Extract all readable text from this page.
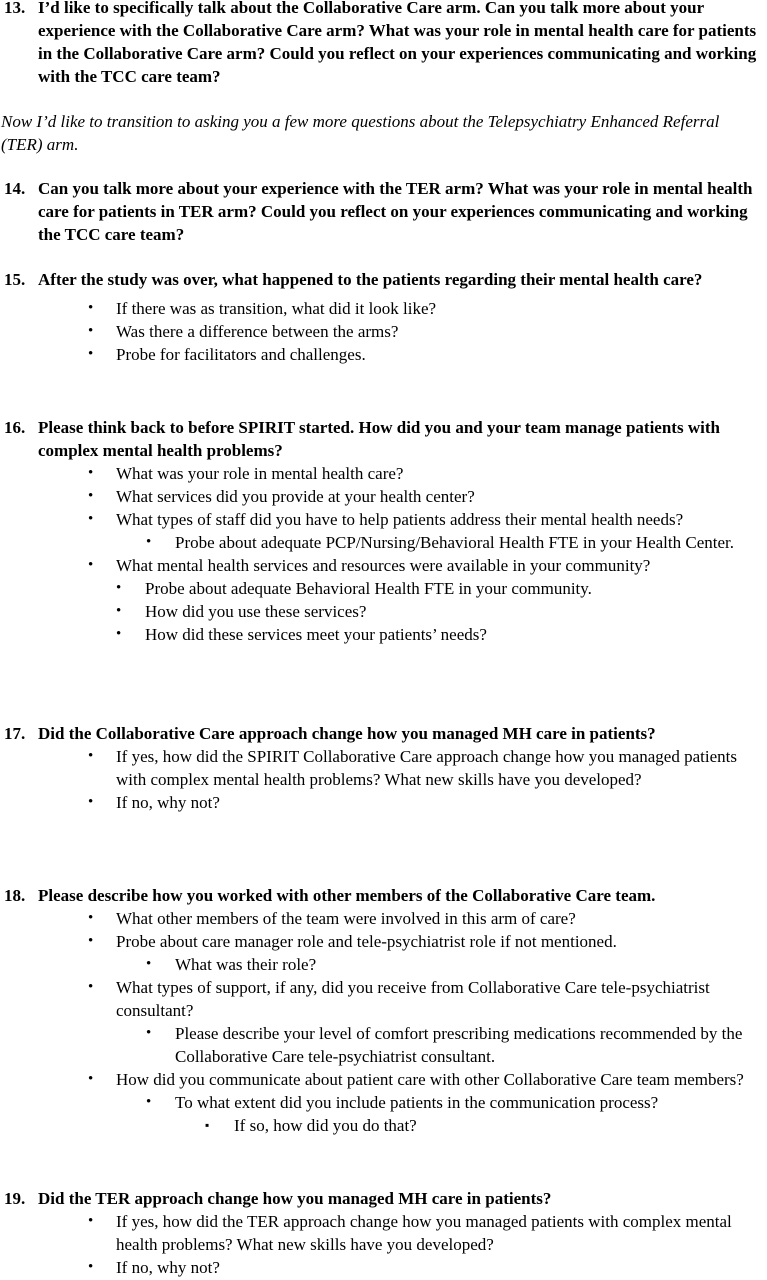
13. I’d like to specifically talk about the Collaborative Care arm. Can you talk more about your experience with the Collaborative Care arm? What was your role in mental health care for patients in the Collaborative Care arm? Could you reflect on your experiences communicating and working with the TCC care team?
Now I’d like to transition to asking you a few more questions about the Telepsychiatry Enhanced Referral (TER) arm.
14. Can you talk more about your experience with the TER arm? What was your role in mental health care for patients in TER arm? Could you reflect on your experiences communicating and working the TCC care team?
15. After the study was over, what happened to the patients regarding their mental health care?
• If there was as transition, what did it look like?
• Was there a difference between the arms?
• Probe for facilitators and challenges.
16. Please think back to before SPIRIT started. How did you and your team manage patients with complex mental health problems?
• What was your role in mental health care?
• What services did you provide at your health center?
• What types of staff did you have to help patients address their mental health needs?
• Probe about adequate PCP/Nursing/Behavioral Health FTE in your Health Center.
• What mental health services and resources were available in your community?
• Probe about adequate Behavioral Health FTE in your community.
• How did you use these services?
• How did these services meet your patients’ needs?
17. Did the Collaborative Care approach change how you managed MH care in patients?
• If yes, how did the SPIRIT Collaborative Care approach change how you managed patients with complex mental health problems? What new skills have you developed?
• If no, why not?
18. Please describe how you worked with other members of the Collaborative Care team.
• What other members of the team were involved in this arm of care?
• Probe about care manager role and tele-psychiatrist role if not mentioned.
• What was their role?
• What types of support, if any, did you receive from Collaborative Care tele-psychiatrist consultant?
• Please describe your level of comfort prescribing medications recommended by the Collaborative Care tele-psychiatrist consultant.
• How did you communicate about patient care with other Collaborative Care team members?
• To what extent did you include patients in the communication process?
▪ If so, how did you do that?
19. Did the TER approach change how you managed MH care in patients?
• If yes, how did the TER approach change how you managed patients with complex mental health problems? What new skills have you developed?
• If no, why not?
